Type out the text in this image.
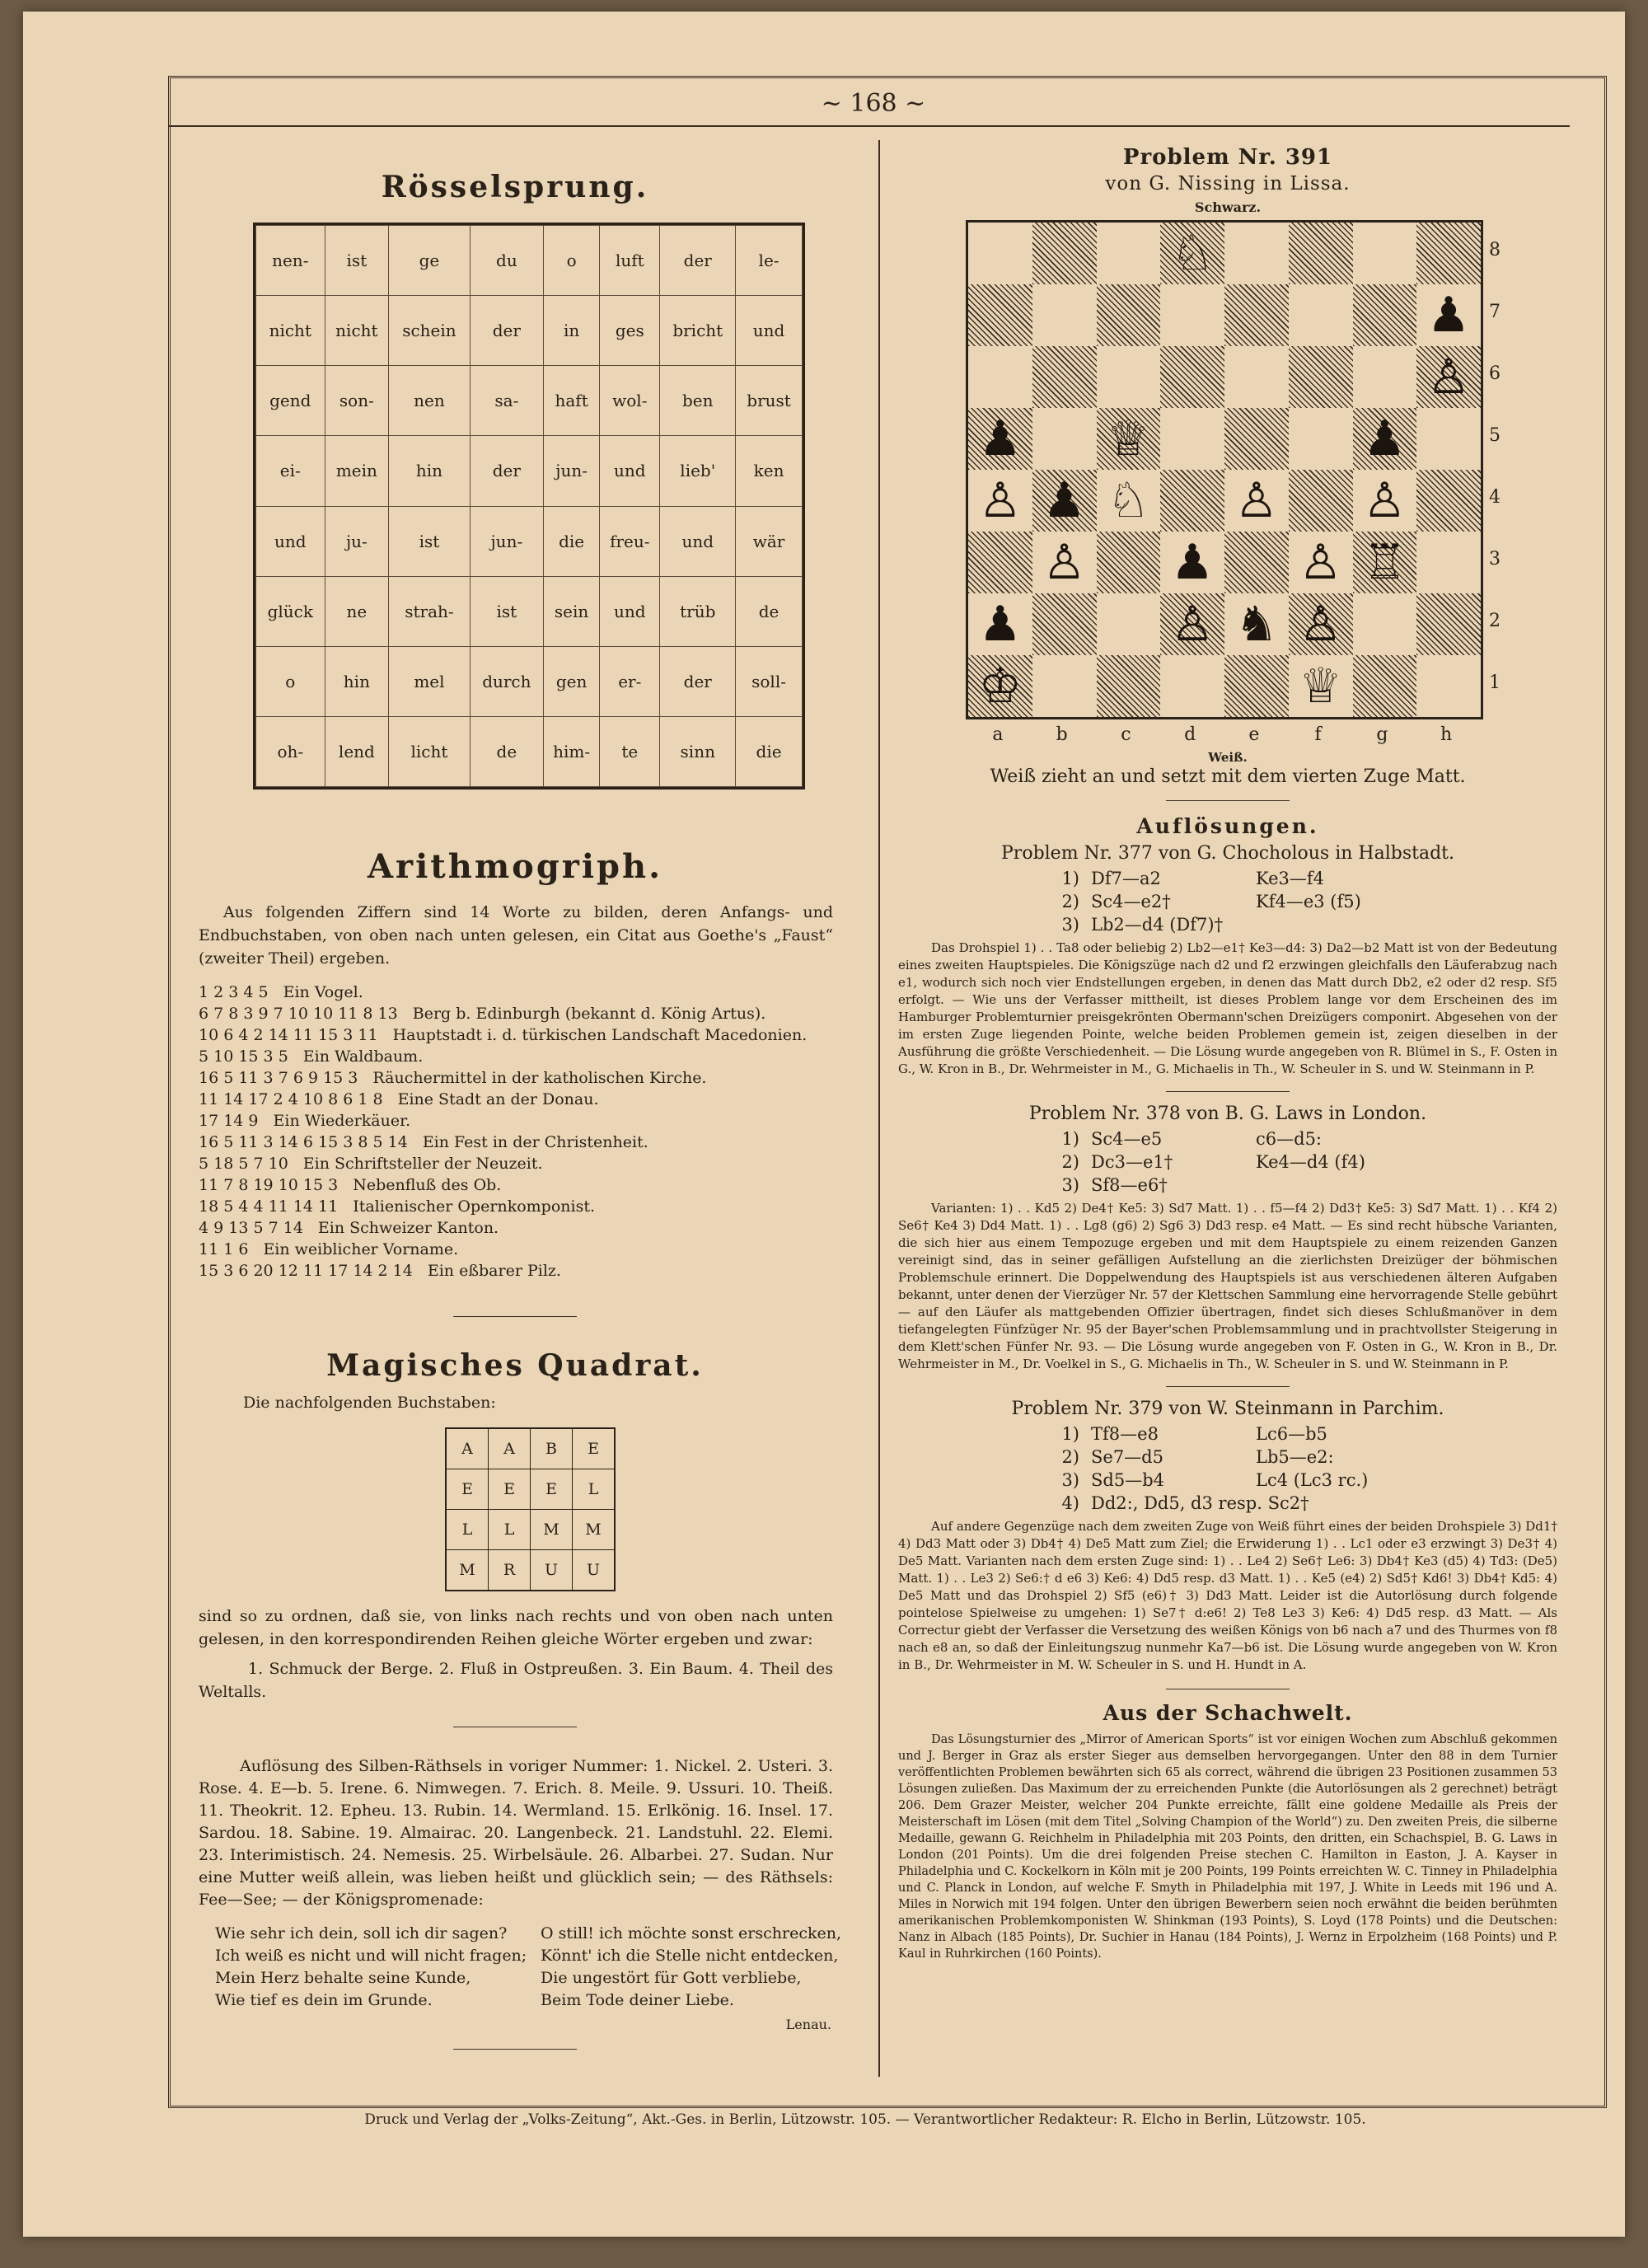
~ 168 ~
Rösselsprung.
nen-	ist	ge	du	o	luft	der	le-
nicht	nicht	schein	der	in	ges	bricht	und
gend	son-	nen	sa-	haft	wol-	ben	brust
ei-	mein	hin	der	jun-	und	lieb'	ken
und	ju-	ist	jun-	die	freu-	und	wär
glück	ne	strah-	ist	sein	und	trüb	de
o	hin	mel	durch	gen	er-	der	soll-
oh-	lend	licht	de	him-	te	sinn	die
Arithmogriph.
Aus folgenden Ziffern sind 14 Worte zu bilden, deren Anfangs- und Endbuchstaben, von oben nach unten gelesen, ein Citat aus Goethe's „Faust“ (zweiter Theil) ergeben.
1 2 3 4 5 Ein Vogel.
6 7 8 3 9 7 10 10 11 8 13 Berg b. Edinburgh (bekannt d. König Artus).
10 6 4 2 14 11 15 3 11 Hauptstadt i. d. türkischen Landschaft Macedonien.
5 10 15 3 5 Ein Waldbaum.
16 5 11 3 7 6 9 15 3 Räuchermittel in der katholischen Kirche.
11 14 17 2 4 10 8 6 1 8 Eine Stadt an der Donau.
17 14 9 Ein Wiederkäuer.
16 5 11 3 14 6 15 3 8 5 14 Ein Fest in der Christenheit.
5 18 5 7 10 Ein Schriftsteller der Neuzeit.
11 7 8 19 10 15 3 Nebenfluß des Ob.
18 5 4 4 11 14 11 Italienischer Opernkomponist.
4 9 13 5 7 14 Ein Schweizer Kanton.
11 1 6 Ein weiblicher Vorname.
15 3 6 20 12 11 17 14 2 14 Ein eßbarer Pilz.
Magisches Quadrat.
Die nachfolgenden Buchstaben:
A	A	B	E
E	E	E	L
L	L	M	M
M	R	U	U
sind so zu ordnen, daß sie, von links nach rechts und von oben nach unten gelesen, in den korrespondirenden Reihen gleiche Wörter ergeben und zwar:
1. Schmuck der Berge. 2. Fluß in Ostpreußen. 3. Ein Baum. 4. Theil des Weltalls.
Auflösung des Silben-Räthsels in voriger Nummer: 1. Nickel. 2. Usteri. 3. Rose. 4. E—b. 5. Irene. 6. Nimwegen. 7. Erich. 8. Meile. 9. Ussuri. 10. Theiß. 11. Theokrit. 12. Epheu. 13. Rubin. 14. Wermland. 15. Erlkönig. 16. Insel. 17. Sardou. 18. Sabine. 19. Almairac. 20. Langenbeck. 21. Landstuhl. 22. Elemi. 23. Interimistisch. 24. Nemesis. 25. Wirbelsäule. 26. Albarbei. 27. Sudan. Nur eine Mutter weiß allein, was lieben heißt und glücklich sein; — des Räthsels: Fee—See; — der Königspromenade:
Wie sehr ich dein, soll ich dir sagen?
Ich weiß es nicht und will nicht fragen;
Mein Herz behalte seine Kunde,
Wie tief es dein im Grunde.
O still! ich möchte sonst erschrecken,
Könnt' ich die Stelle nicht entdecken,
Die ungestört für Gott verbliebe,
Beim Tode deiner Liebe.
Lenau.
Problem Nr. 391
von G. Nissing in Lissa.
Schwarz.
♘
♟
♙
♟ ♕	♟
♙ ♟ ♘ ♙ ♙
♙ ♟ ♙ ♖
♟	♙ ♞ ♙
♔	♕
a	b	c	d	e	f	g	h
8
7
6
5
4
3
2
1
Weiß.
Weiß zieht an und setzt mit dem vierten Zuge Matt.
Auflösungen.
Problem Nr. 377 von G. Chocholous in Halbstadt.
1) Df7—a2	Ke3—f4
2) Sc4—e2†	Kf4—e3 (f5)
3) Lb2—d4 (Df7)†
Das Drohspiel 1) . . Ta8 oder beliebig 2) Lb2—e1† Ke3—d4: 3) Da2—b2 Matt ist von der Bedeutung eines zweiten Hauptspieles. Die Königszüge nach d2 und f2 erzwingen gleichfalls den Läuferabzug nach e1, wodurch sich noch vier Endstellungen ergeben, in denen das Matt durch Db2, e2 oder d2 resp. Sf5 erfolgt. — Wie uns der Verfasser mittheilt, ist dieses Problem lange vor dem Erscheinen des im Hamburger Problemturnier preisgekrönten Obermann'schen Dreizügers componirt. Abgesehen von der im ersten Zuge liegenden Pointe, welche beiden Problemen gemein ist, zeigen dieselben in der Ausführung die größte Verschiedenheit. — Die Lösung wurde angegeben von R. Blümel in S., F. Osten in G., W. Kron in B., Dr. Wehrmeister in M., G. Michaelis in Th., W. Scheuler in S. und W. Steinmann in P.
Problem Nr. 378 von B. G. Laws in London.
1) Sc4—e5	c6—d5:
2) Dc3—e1†	Ke4—d4 (f4)
3) Sf8—e6†
Varianten: 1) . . Kd5 2) De4† Ke5: 3) Sd7 Matt. 1) . . f5—f4 2) Dd3† Ke5: 3) Sd7 Matt. 1) . . Kf4 2) Se6† Ke4 3) Dd4 Matt. 1) . . Lg8 (g6) 2) Sg6 3) Dd3 resp. e4 Matt. — Es sind recht hübsche Varianten, die sich hier aus einem Tempozuge ergeben und mit dem Hauptspiele zu einem reizenden Ganzen vereinigt sind, das in seiner gefälligen Aufstellung an die zierlichsten Dreizüger der böhmischen Problemschule erinnert. Die Doppelwendung des Hauptspiels ist aus verschiedenen älteren Aufgaben bekannt, unter denen der Vierzüger Nr. 57 der Klettschen Sammlung eine hervorragende Stelle gebührt — auf den Läufer als mattgebenden Offizier übertragen, findet sich dieses Schlußmanöver in dem tiefangelegten Fünfzüger Nr. 95 der Bayer'schen Problemsammlung und in prachtvollster Steigerung in dem Klett'schen Fünfer Nr. 93. — Die Lösung wurde angegeben von F. Osten in G., W. Kron in B., Dr. Wehrmeister in M., Dr. Voelkel in S., G. Michaelis in Th., W. Scheuler in S. und W. Steinmann in P.
Problem Nr. 379 von W. Steinmann in Parchim.
1) Tf8—e8	Lc6—b5
2) Se7—d5	Lb5—e2:
3) Sd5—b4	Lc4 (Lc3 rc.)
4) Dd2:, Dd5, d3 resp. Sc2†
Auf andere Gegenzüge nach dem zweiten Zuge von Weiß führt eines der beiden Drohspiele 3) Dd1† 4) Dd3 Matt oder 3) Db4† 4) De5 Matt zum Ziel; die Erwiderung 1) . . Lc1 oder e3 erzwingt 3) De3† 4) De5 Matt. Varianten nach dem ersten Zuge sind: 1) . . Le4 2) Se6† Le6: 3) Db4† Ke3 (d5) 4) Td3: (De5) Matt. 1) . . Le3 2) Se6:† d e6 3) Ke6: 4) Dd5 resp. d3 Matt. 1) . . Ke5 (e4) 2) Sd5† Kd6! 3) Db4† Kd5: 4) De5 Matt und das Drohspiel 2) Sf5 (e6)† 3) Dd3 Matt. Leider ist die Autorlösung durch folgende pointelose Spielweise zu umgehen: 1) Se7† d:e6! 2) Te8 Le3 3) Ke6: 4) Dd5 resp. d3 Matt. — Als Correctur giebt der Verfasser die Versetzung des weißen Königs von b6 nach a7 und des Thurmes von f8 nach e8 an, so daß der Einleitungszug nunmehr Ka7—b6 ist. Die Lösung wurde angegeben von W. Kron in B., Dr. Wehrmeister in M. W. Scheuler in S. und H. Hundt in A.
Aus der Schachwelt.
Das Lösungsturnier des „Mirror of American Sports“ ist vor einigen Wochen zum Abschluß gekommen und J. Berger in Graz als erster Sieger aus demselben hervorgegangen. Unter den 88 in dem Turnier veröffentlichten Problemen bewährten sich 65 als correct, während die übrigen 23 Positionen zusammen 53 Lösungen zuließen. Das Maximum der zu erreichenden Punkte (die Autorlösungen als 2 gerechnet) beträgt 206. Dem Grazer Meister, welcher 204 Punkte erreichte, fällt eine goldene Medaille als Preis der Meisterschaft im Lösen (mit dem Titel „Solving Champion of the World“) zu. Den zweiten Preis, die silberne Medaille, gewann G. Reichhelm in Philadelphia mit 203 Points, den dritten, ein Schachspiel, B. G. Laws in London (201 Points). Um die drei folgenden Preise stechen C. Hamilton in Easton, J. A. Kayser in Philadelphia und C. Kockelkorn in Köln mit je 200 Points, 199 Points erreichten W. C. Tinney in Philadelphia und C. Planck in London, auf welche F. Smyth in Philadelphia mit 197, J. White in Leeds mit 196 und A. Miles in Norwich mit 194 folgen. Unter den übrigen Bewerbern seien noch erwähnt die beiden berühmten amerikanischen Problemkomponisten W. Shinkman (193 Points), S. Loyd (178 Points) und die Deutschen: Nanz in Albach (185 Points), Dr. Suchier in Hanau (184 Points), J. Wernz in Erpolzheim (168 Points) und P. Kaul in Ruhrkirchen (160 Points).
Druck und Verlag der „Volks-Zeitung“, Akt.-Ges. in Berlin, Lützowstr. 105. — Verantwortlicher Redakteur: R. Elcho in Berlin, Lützowstr. 105.
